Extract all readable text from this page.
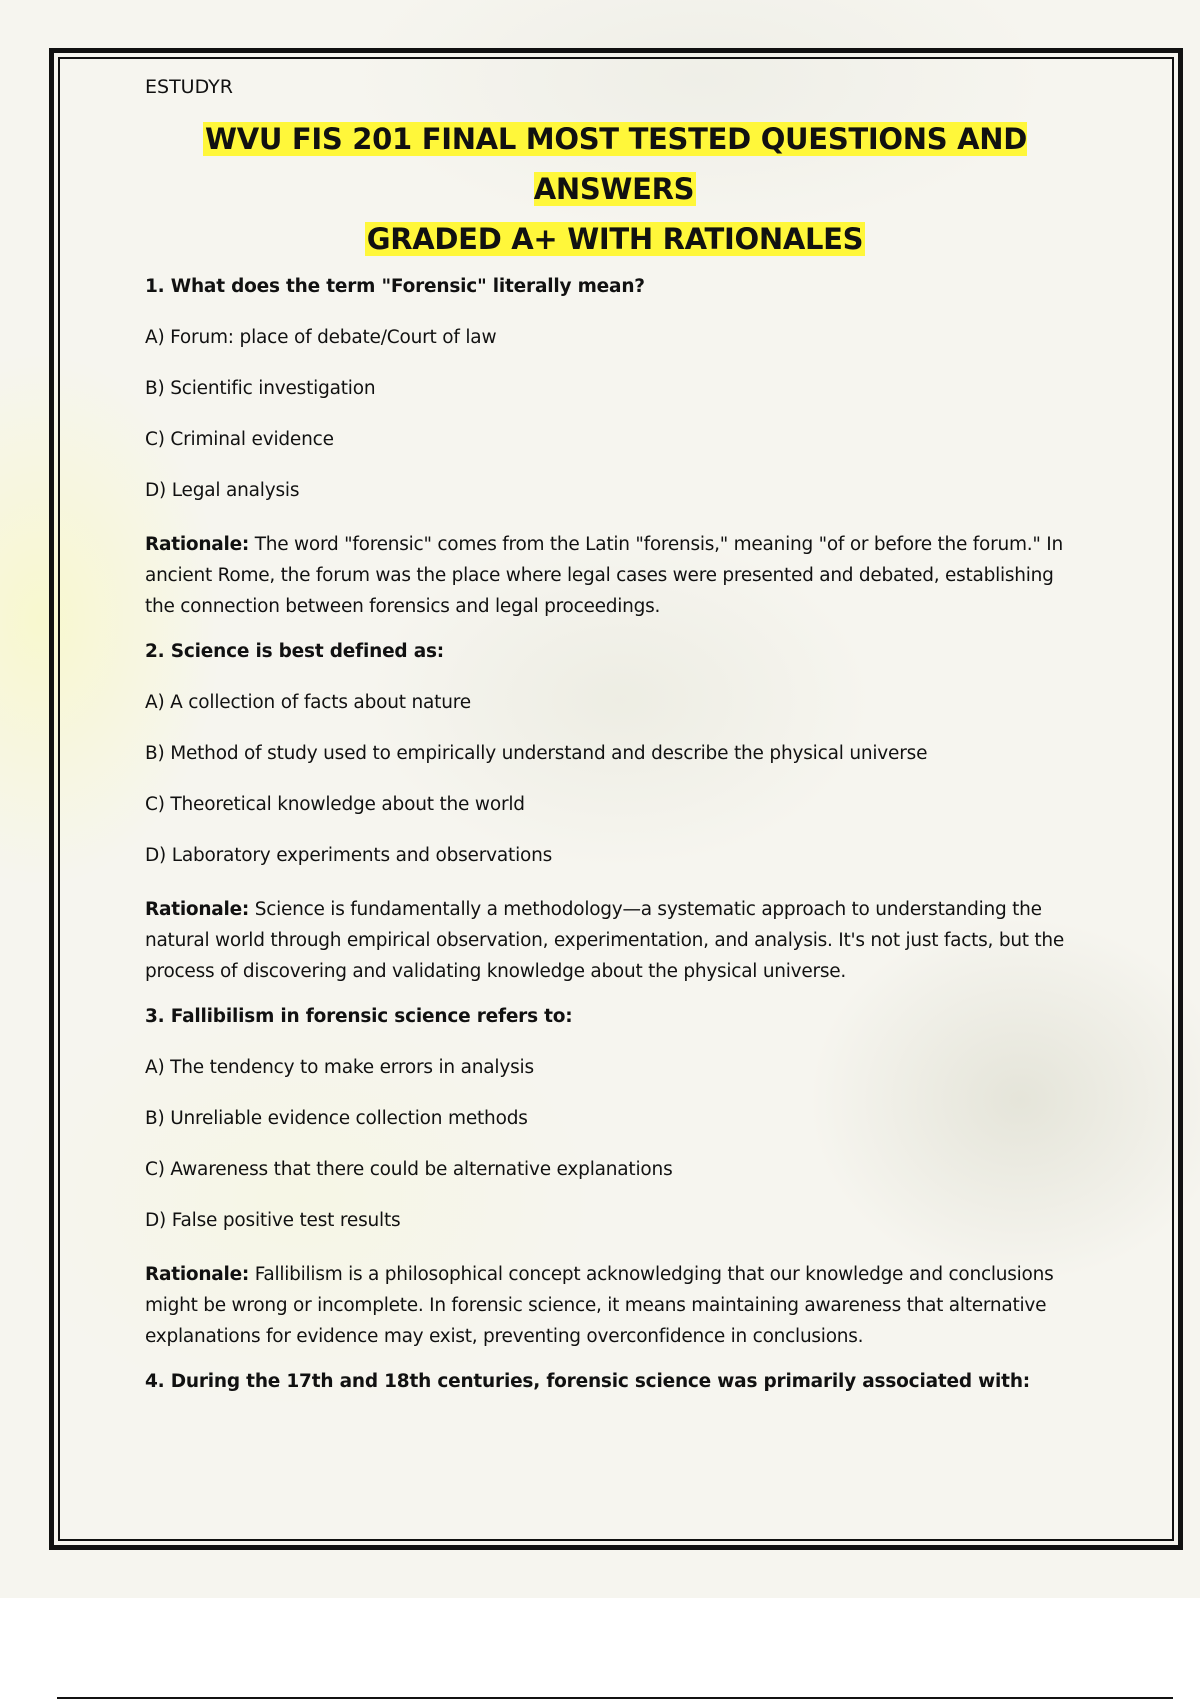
ESTUDYR
WVU FIS 201 FINAL MOST TESTED QUESTIONS AND ANSWERS
GRADED A+ WITH RATIONALES

1. What does the term "Forensic" literally mean?

A) Forum: place of debate/Court of law

B) Scientific investigation

C) Criminal evidence

D) Legal analysis

Rationale: The word "forensic" comes from the Latin "forensis," meaning "of or before the forum." In ancient Rome, the forum was the place where legal cases were presented and debated, establishing the connection between forensics and legal proceedings.

2. Science is best defined as:

A) A collection of facts about nature

B) Method of study used to empirically understand and describe the physical universe

C) Theoretical knowledge about the world

D) Laboratory experiments and observations

Rationale: Science is fundamentally a methodology—a systematic approach to understanding the natural world through empirical observation, experimentation, and analysis. It's not just facts, but the process of discovering and validating knowledge about the physical universe.

3. Fallibilism in forensic science refers to:

A) The tendency to make errors in analysis

B) Unreliable evidence collection methods

C) Awareness that there could be alternative explanations

D) False positive test results

Rationale: Fallibilism is a philosophical concept acknowledging that our knowledge and conclusions might be wrong or incomplete. In forensic science, it means maintaining awareness that alternative explanations for evidence may exist, preventing overconfidence in conclusions.

4. During the 17th and 18th centuries, forensic science was primarily associated with:
